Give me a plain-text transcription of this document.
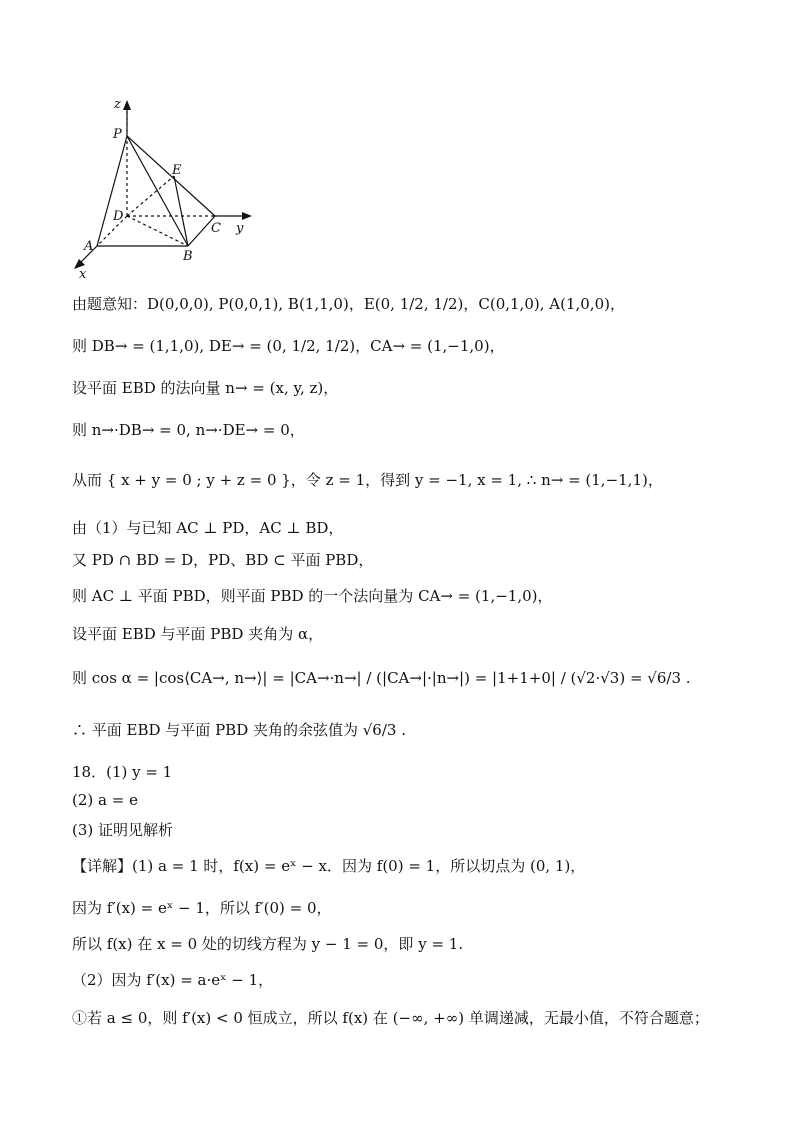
z
P
E
D
C y
A
B
x
由题意知：D(0,0,0), P(0,0,1), B(1,1,0)，E(0, 1/2, 1/2)，C(0,1,0), A(1,0,0)，
则 DB→ = (1,1,0), DE→ = (0, 1/2, 1/2)，CA→ = (1,−1,0)，
设平面 EBD 的法向量 n→ = (x, y, z)，
则 n→·DB→ = 0, n→·DE→ = 0，
从而 { x + y = 0 ; y + z = 0 }，令 z = 1，得到 y = −1, x = 1, ∴ n→ = (1,−1,1)，
由（1）与已知 AC ⊥ PD，AC ⊥ BD，
又 PD ∩ BD = D，PD、BD ⊂ 平面 PBD，
则 AC ⊥ 平面 PBD，则平面 PBD 的一个法向量为 CA→ = (1,−1,0)，
设平面 EBD 与平面 PBD 夹角为 α，
则 cos α = |cos⟨CA→, n→⟩| = |CA→·n→| / (|CA→|·|n→|) = |1+1+0| / (√2·√3) = √6/3 .
∴ 平面 EBD 与平面 PBD 夹角的余弦值为 √6/3 .
18．(1) y = 1
(2) a = e
(3) 证明见解析
【详解】(1) a = 1 时，f(x) = eˣ − x．因为 f(0) = 1，所以切点为 (0, 1)，
因为 f′(x) = eˣ − 1，所以 f′(0) = 0，
所以 f(x) 在 x = 0 处的切线方程为 y − 1 = 0，即 y = 1.
（2）因为 f′(x) = a·eˣ − 1，
①若 a ≤ 0，则 f′(x) < 0 恒成立，所以 f(x) 在 (−∞, +∞) 单调递减，无最小值，不符合题意；
